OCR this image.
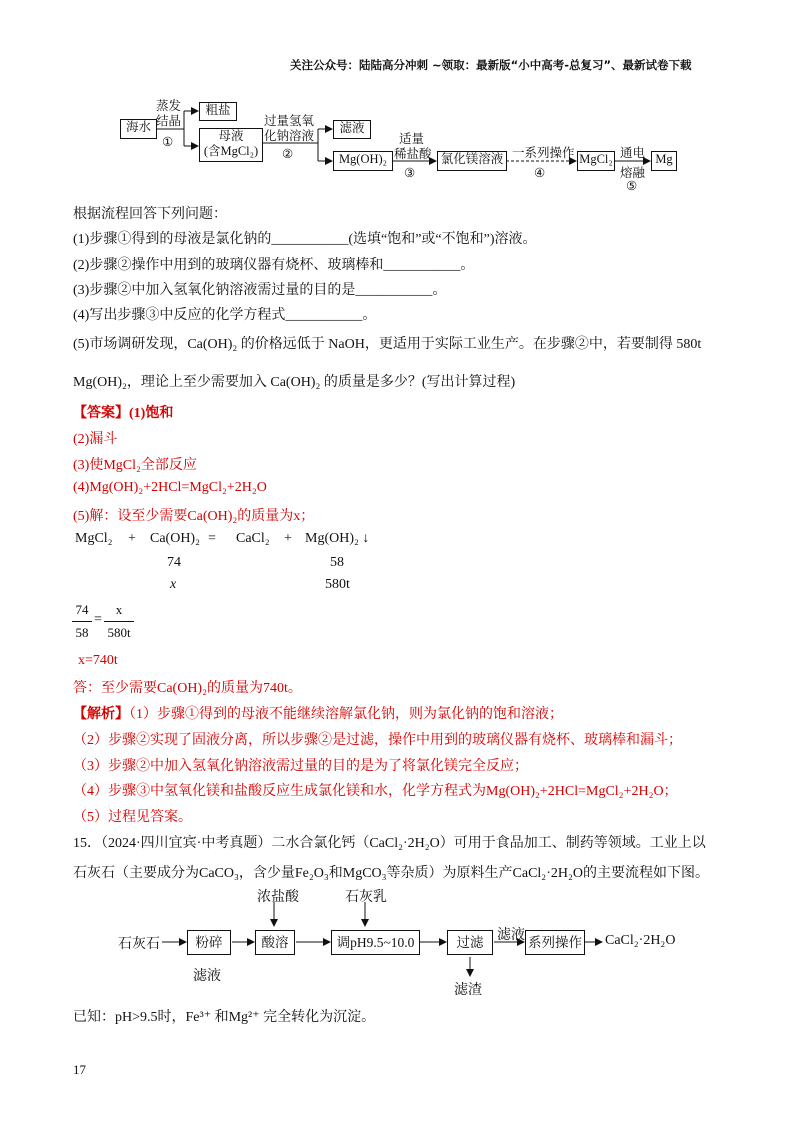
关注公众号：陆陆高分冲刺 ~领取：最新版“小中高考-总复习”、最新试卷下载
海水
蒸发
结晶
①
粗盐
母液
(含MgCl₂)
过量氢氧
化钠溶液
②
滤液
Mg(OH)₂
适量
稀盐酸
③
氯化镁溶液 一系列操作
④
MgCl₂ 通电
熔融
⑤
Mg
根据流程回答下列问题：
(1)步骤①得到的母液是氯化钠的___________(选填“饱和”或“不饱和”)溶液。
(2)步骤②操作中用到的玻璃仪器有烧杯、玻璃棒和___________。
(3)步骤②中加入氢氧化钠溶液需过量的目的是___________。
(4)写出步骤③中反应的化学方程式___________。
(5)市场调研发现，Ca(OH)₂ 的价格远低于 NaOH，更适用于实际工业生产。在步骤②中，若要制得 580t
Mg(OH)₂，理论上至少需要加入 Ca(OH)₂ 的质量是多少？(写出计算过程)
【答案】(1)饱和
(2)漏斗
(3)使MgCl₂全部反应
(4)Mg(OH)₂+2HCl=MgCl₂+2H₂O
(5)解：设至少需要Ca(OH)₂的质量为x；
MgCl₂ + Ca(OH)₂ = CaCl₂ + Mg(OH)₂ ↓
74	58
x	580t
74
58
=
x
580t
x=740t
答：至少需要Ca(OH)₂的质量为740t。
【解析】（1）步骤①得到的母液不能继续溶解氯化钠，则为氯化钠的饱和溶液；
（2）步骤②实现了固液分离，所以步骤②是过滤，操作中用到的玻璃仪器有烧杯、玻璃棒和漏斗；
（3）步骤②中加入氢氧化钠溶液需过量的目的是为了将氯化镁完全反应；
（4）步骤③中氢氧化镁和盐酸反应生成氯化镁和水，化学方程式为Mg(OH)₂+2HCl=MgCl₂+2H₂O；
（5）过程见答案。
15．（2024·四川宜宾·中考真题）二水合氯化钙（CaCl₂·2H₂O）可用于食品加工、制药等领域。工业上以
石灰石（主要成分为CaCO₃，含少量Fe₂O₃和MgCO₃等杂质）为原料生产CaCl₂·2H₂O的主要流程如下图。
石灰石	粉碎
浓盐酸
酸溶
石灰乳
调pH9.5~10.0	过滤 滤液 系列操作 CaCl₂·2H₂O
滤液
滤渣
已知：pH>9.5时，Fe³⁺ 和Mg²⁺ 完全转化为沉淀。
17
